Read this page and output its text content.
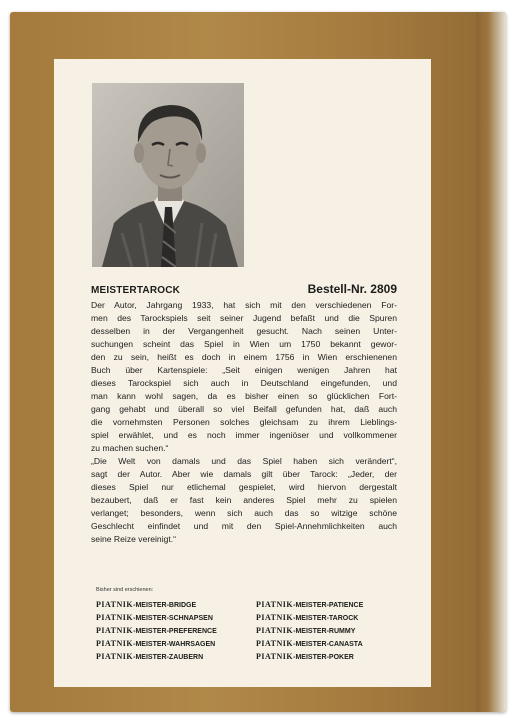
MEISTERTAROCK	Bestell-Nr. 2809
Der Autor, Jahrgang 1933, hat sich mit den verschiedenen For-
men des Tarockspiels seit seiner Jugend befaßt und die Spuren
desselben in der Vergangenheit gesucht. Nach seinen Unter-
suchungen scheint das Spiel in Wien um 1750 bekannt gewor-
den zu sein, heißt es doch in einem 1756 in Wien erschienenen
Buch über Kartenspiele: „Seit einigen wenigen Jahren hat
dieses Tarockspiel sich auch in Deutschland eingefunden, und
man kann wohl sagen, da es bisher einen so glücklichen Fort-
gang gehabt und überall so viel Beifall gefunden hat, daß auch
die vornehmsten Personen solches gleichsam zu ihrem Lieblings-
spiel erwählet, und es noch immer ingeniöser und vollkommener
zu machen suchen.“
„Die Welt von damals und das Spiel haben sich verändert“,
sagt der Autor. Aber wie damals gilt über Tarock: „Jeder, der
dieses Spiel nur etlichemal gespielet, wird hiervon dergestalt
bezaubert, daß er fast kein anderes Spiel mehr zu spielen
verlanget; besonders, wenn sich auch das so witzige schöne
Geschlecht einfindet und mit den Spiel-Annehmlichkeiten auch
seine Reize vereinigt.“
Bisher sind erschienen:
PIATNIK-MEISTER-BRIDGE	PIATNIK-MEISTER-PATIENCE
PIATNIK-MEISTER-SCHNAPSEN	PIATNIK-MEISTER-TAROCK
PIATNIK-MEISTER-PREFERENCE	PIATNIK-MEISTER-RUMMY
PIATNIK-MEISTER-WAHRSAGEN	PIATNIK-MEISTER-CANASTA
PIATNIK-MEISTER-ZAUBERN	PIATNIK-MEISTER-POKER
